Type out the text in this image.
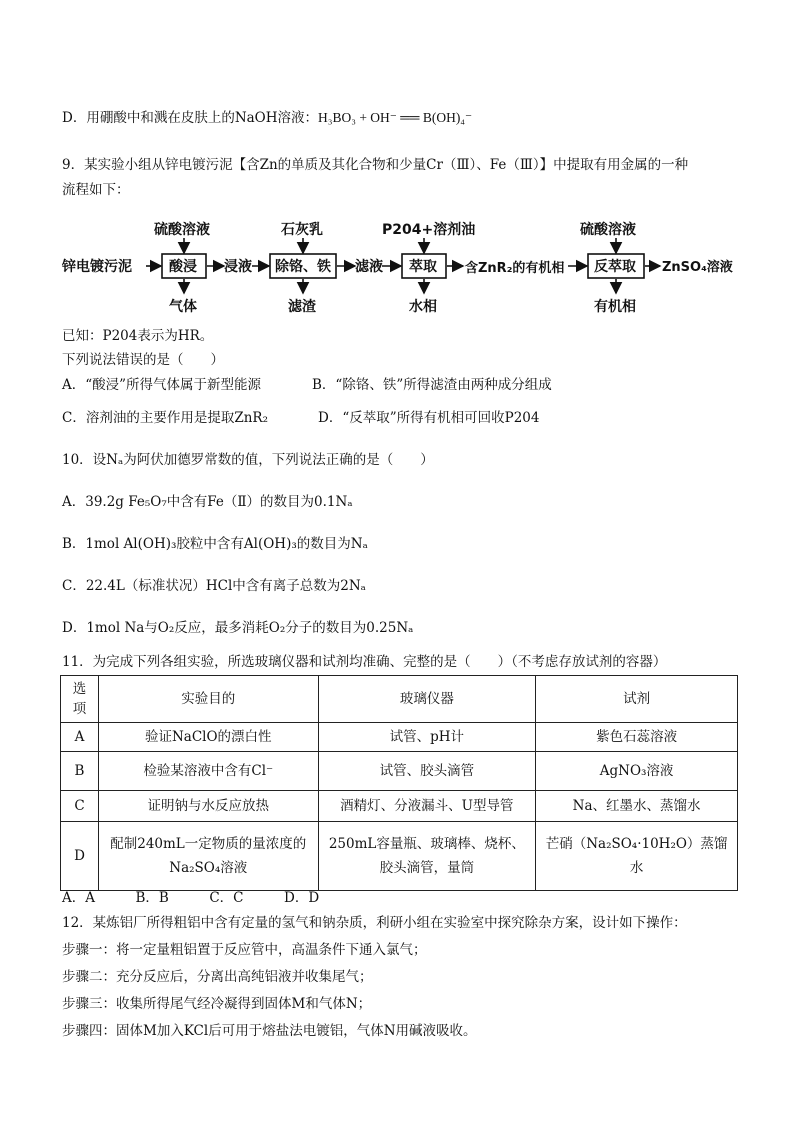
D．用硼酸中和溅在皮肤上的NaOH溶液：H₃BO₃ + OH⁻ ══ B(OH)₄⁻
9．某实验小组从锌电镀污泥【含Zn的单质及其化合物和少量Cr（Ⅲ）、Fe（Ⅲ）】中提取有用金属的一种
流程如下：
锌电镀污泥	酸浸
硫酸溶液
气体
浸液 除铬、铁
石灰乳
滤渣
滤液 萃取
P204+溶剂油
水相
含ZnR₂的有机相 反萃取
硫酸溶液
有机相
ZnSO₄溶液
已知：P204表示为HR。
下列说法错误的是（　　）
A．“酸浸”所得气体属于新型能源	B．“除铬、铁”所得滤渣由两种成分组成
C．溶剂油的主要作用是提取ZnR₂	D．“反萃取”所得有机相可回收P204
10．设Nₐ为阿伏加德罗常数的值，下列说法正确的是（　　）
A．39.2g Fe₅O₇中含有Fe（Ⅱ）的数目为0.1Nₐ
B．1mol Al(OH)₃胶粒中含有Al(OH)₃的数目为Nₐ
C．22.4L（标准状况）HCl中含有离子总数为2Nₐ
D．1mol Na与O₂反应，最多消耗O₂分子的数目为0.25Nₐ
11．为完成下列各组实验，所选玻璃仪器和试剂均准确、完整的是（　　）（不考虑存放试剂的容器）
选项	实验目的	玻璃仪器	试剂
A	验证NaClO的漂白性	试管、pH计	紫色石蕊溶液
B	检验某溶液中含有Cl⁻	试管、胶头滴管	AgNO₃溶液
C	证明钠与水反应放热	酒精灯、分液漏斗、U型导管	Na、红墨水、蒸馏水
D	配制240mL一定物质的量浓度的Na₂SO₄溶液	250mL容量瓶、玻璃棒、烧杯、胶头滴管，量筒	芒硝（Na₂SO₄·10H₂O）蒸馏水
A．A　　　B．B　　　C．C　　　D．D
12．某炼铝厂所得粗铝中含有定量的氢气和钠杂质，利研小组在实验室中探究除杂方案，设计如下操作：
步骤一：将一定量粗铝置于反应管中，高温条件下通入氯气；
步骤二：充分反应后，分离出高纯铝液并收集尾气；
步骤三：收集所得尾气经冷凝得到固体M和气体N；
步骤四：固体M加入KCl后可用于熔盐法电镀铝，气体N用碱液吸收。
